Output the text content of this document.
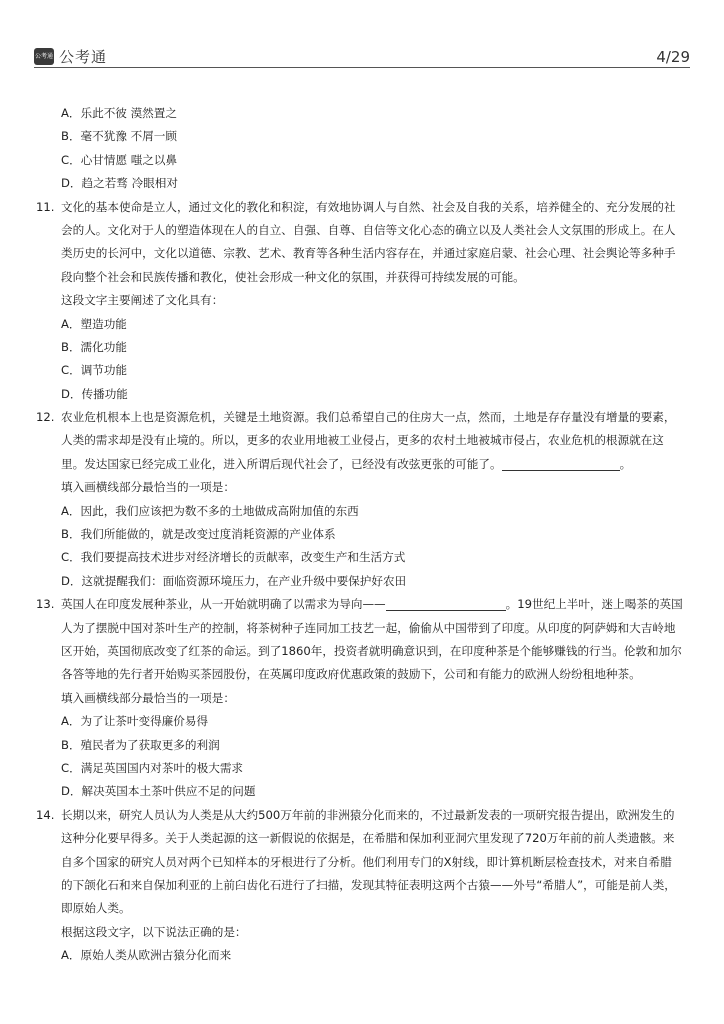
公考通 公考通	4/29
A．乐此不彼 漠然置之
B．毫不犹豫 不屑一顾
C．心甘情愿 嗤之以鼻
D．趋之若骛 冷眼相对
11. 文化的基本使命是立人，通过文化的教化和积淀，有效地协调人与自然、社会及自我的关系，培养健全的、充分发展的社
会的人。文化对于人的塑造体现在人的自立、自强、自尊、自信等文化心态的确立以及人类社会人文氛围的形成上。在人
类历史的长河中，文化以道德、宗教、艺术、教育等各种生活内容存在，并通过家庭启蒙、社会心理、社会舆论等多种手
段向整个社会和民族传播和教化，使社会形成一种文化的氛围，并获得可持续发展的可能。
这段文字主要阐述了文化具有：
A．塑造功能
B．濡化功能
C．调节功能
D．传播功能
12. 农业危机根本上也是资源危机，关键是土地资源。我们总希望自己的住房大一点，然而，土地是存存量没有增量的要素，
人类的需求却是没有止境的。所以，更多的农业用地被工业侵占，更多的农村土地被城市侵占，农业危机的根源就在这
里。发达国家已经完成工业化，进入所谓后现代社会了，已经没有改弦更张的可能了。	。
填入画横线部分最恰当的一项是：
A．因此，我们应该把为数不多的土地做成高附加值的东西
B．我们所能做的，就是改变过度消耗资源的产业体系
C．我们要提高技术进步对经济增长的贡献率，改变生产和生活方式
D．这就提醒我们：面临资源环境压力，在产业升级中要保护好农田
13. 英国人在印度发展种茶业，从一开始就明确了以需求为导向——	。19世纪上半叶，迷上喝茶的英国
人为了摆脱中国对茶叶生产的控制，将茶树种子连同加工技艺一起，偷偷从中国带到了印度。从印度的阿萨姆和大吉岭地
区开始，英国彻底改变了红茶的命运。到了1860年，投资者就明确意识到，在印度种茶是个能够赚钱的行当。伦敦和加尔
各答等地的先行者开始购买茶园股份，在英属印度政府优惠政策的鼓励下，公司和有能力的欧洲人纷纷租地种茶。
填入画横线部分最恰当的一项是：
A．为了让茶叶变得廉价易得
B．殖民者为了获取更多的利润
C．满足英国国内对茶叶的极大需求
D．解决英国本土茶叶供应不足的问题
14. 长期以来，研究人员认为人类是从大约500万年前的非洲猿分化而来的，不过最新发表的一项研究报告提出，欧洲发生的
这种分化要早得多。关于人类起源的这一新假说的依据是，在希腊和保加利亚洞穴里发现了720万年前的前人类遗骸。来
自多个国家的研究人员对两个已知样本的牙根进行了分析。他们利用专门的X射线，即计算机断层检查技术，对来自希腊
的下颌化石和来自保加利亚的上前臼齿化石进行了扫描，发现其特征表明这两个古猿——外号“希腊人”，可能是前人类，
即原始人类。
根据这段文字，以下说法正确的是：
A．原始人类从欧洲古猿分化而来
